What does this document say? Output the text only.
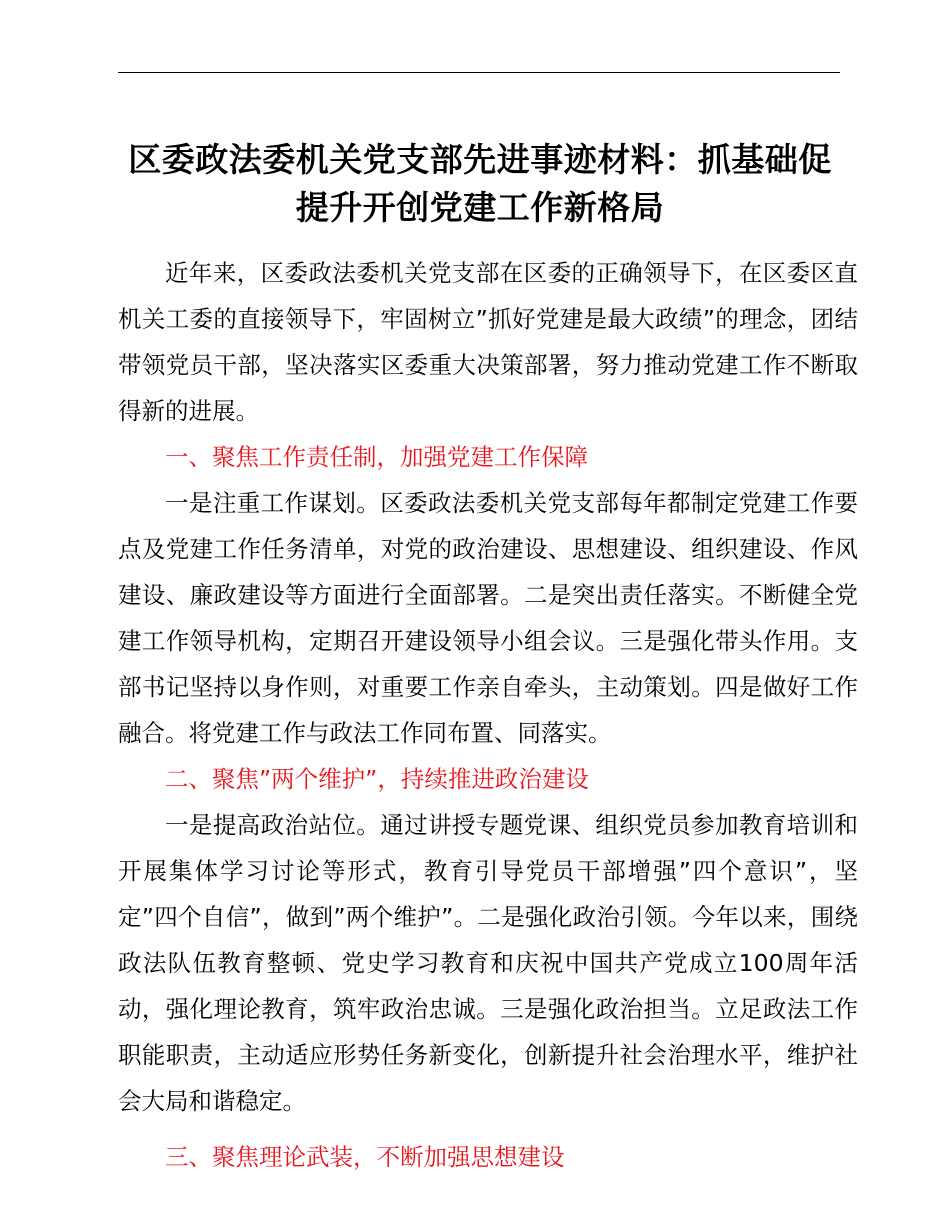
区委政法委机关党支部先进事迹材料：抓基础促
提升开创党建工作新格局

近年来，区委政法委机关党支部在区委的正确领导下，在区委区直机关工委的直接领导下，牢固树立”抓好党建是最大政绩”的理念，团结带领党员干部，坚决落实区委重大决策部署，努力推动党建工作不断取得新的进展。

一、聚焦工作责任制，加强党建工作保障

一是注重工作谋划。区委政法委机关党支部每年都制定党建工作要点及党建工作任务清单，对党的政治建设、思想建设、组织建设、作风建设、廉政建设等方面进行全面部署。二是突出责任落实。不断健全党建工作领导机构，定期召开建设领导小组会议。三是强化带头作用。支部书记坚持以身作则，对重要工作亲自牵头，主动策划。四是做好工作融合。将党建工作与政法工作同布置、同落实。

二、聚焦”两个维护”，持续推进政治建设

一是提高政治站位。通过讲授专题党课、组织党员参加教育培训和开展集体学习讨论等形式，教育引导党员干部增强”四个意识”，坚定”四个自信”，做到”两个维护”。二是强化政治引领。今年以来，围绕政法队伍教育整顿、党史学习教育和庆祝中国共产党成立100周年活动，强化理论教育，筑牢政治忠诚。三是强化政治担当。立足政法工作职能职责，主动适应形势任务新变化，创新提升社会治理水平，维护社会大局和谐稳定。

三、聚焦理论武装，不断加强思想建设
